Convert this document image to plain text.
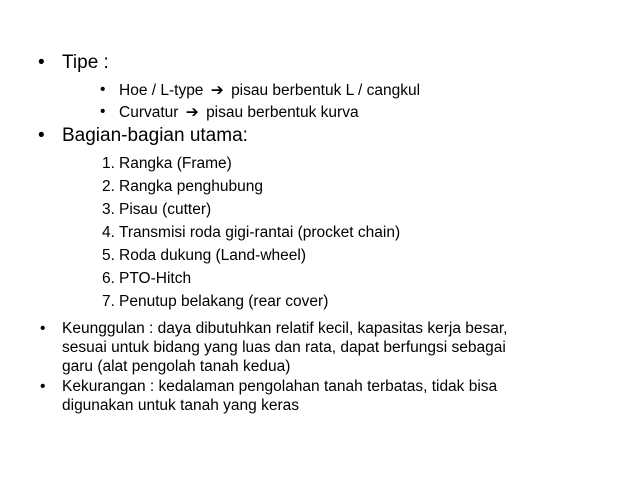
• Tipe :
• Hoe / L-type ➔ pisau berbentuk L / cangkul
• Curvatur ➔ pisau berbentuk kurva
• Bagian-bagian utama:
1. Rangka (Frame)
2. Rangka penghubung
3. Pisau (cutter)
4. Transmisi roda gigi-rantai (procket chain)
5. Roda dukung (Land-wheel)
6. PTO-Hitch
7. Penutup belakang (rear cover)
• Keunggulan : daya dibutuhkan relatif kecil, kapasitas kerja besar,
sesuai untuk bidang yang luas dan rata, dapat berfungsi sebagai
garu (alat pengolah tanah kedua)
• Kekurangan : kedalaman pengolahan tanah terbatas, tidak bisa
digunakan untuk tanah yang keras
